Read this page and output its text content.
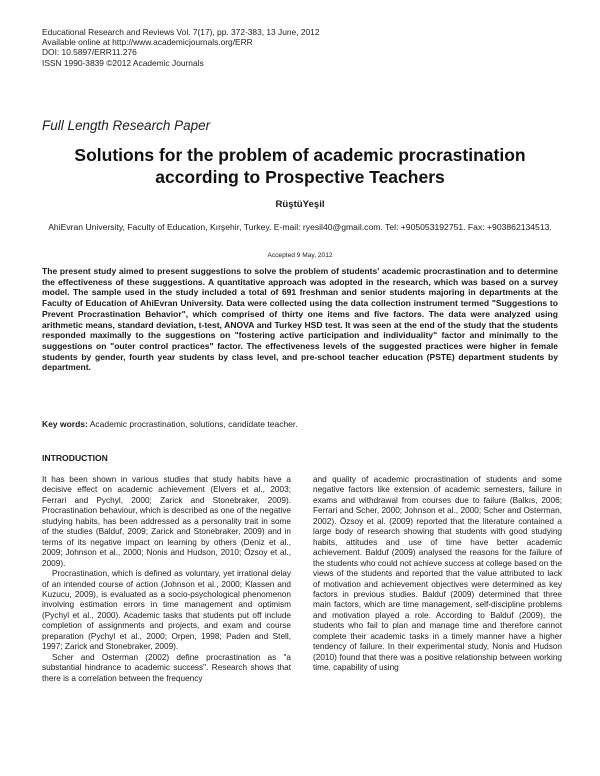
Educational Research and Reviews Vol. 7(17), pp. 372-383, 13 June, 2012
Available online at http://www.academicjournals.org/ERR
DOI: 10.5897/ERR11.276
ISSN 1990-3839 ©2012 Academic Journals
Full Length Research Paper
Solutions for the problem of academic procrastination according to Prospective Teachers
RüştüYeşil
AhiEvran University, Faculty of Education, Kırşehir, Turkey. E-mail: ryesil40@gmail.com. Tel: +905053192751. Fax: +903862134513.
Accepted 9 May, 2012
The present study aimed to present suggestions to solve the problem of students' academic procrastination and to determine the effectiveness of these suggestions. A quantitative approach was adopted in the research, which was based on a survey model. The sample used in the study included a total of 691 freshman and senior students majoring in departments at the Faculty of Education of AhiEvran University. Data were collected using the data collection instrument termed "Suggestions to Prevent Procrastination Behavior", which comprised of thirty one items and five factors. The data were analyzed using arithmetic means, standard deviation, t-test, ANOVA and Turkey HSD test. It was seen at the end of the study that the students responded maximally to the suggestions on "fostering active participation and individuality" factor and minimally to the suggestions on "outer control practices" factor. The effectiveness levels of the suggested practices were higher in female students by gender, fourth year students by class level, and pre-school teacher education (PSTE) department students by department.
Key words: Academic procrastination, solutions, candidate teacher.
INTRODUCTION

It has been shown in various studies that study habits have a decisive effect on academic achievement (Elvers et al., 2003; Ferrari and Pychyl, 2000; Zarick and Stonebraker, 2009). Procrastination behaviour, which is described as one of the negative studying habits, has been addressed as a personality trait in some of the studies (Balduf, 2009; Zarick and Stonebraker, 2009) and in terms of its negative impact on learning by others (Deniz et al., 2009; Johnson et al., 2000; Nonis and Hudson, 2010; Özsoy et al., 2009).

Procrastination, which is defined as voluntary, yet irrational delay of an intended course of action (Johnson et al., 2000; Klassen and Kuzucu, 2009), is evaluated as a socio-psychological phenomenon involving estimation errors in time management and optimism (Pychyl et al., 2000). Academic tasks that students put off include completion of assignments and projects, and exam and course preparation (Pychyl et al., 2000; Orpen, 1998; Paden and Stell, 1997; Zarick and Stonebraker, 2009).

Scher and Osterman (2002) define procrastination as "a substantial hindrance to academic success". Research shows that there is a correlation between the frequency

and quality of academic procrastination of students and some negative factors like extension of academic semesters, failure in exams and withdrawal from courses due to failure (Balkıs, 2006; Ferrari and Scher, 2000; Johnson et al., 2000; Scher and Osterman, 2002). Özsoy et al. (2009) reported that the literature contained a large body of research showing that students with good studying habits, attitudes and use of time have better academic achievement. Balduf (2009) analysed the reasons for the failure of the students who could not achieve success at college based on the views of the students and reported that the value attributed to lack of motivation and achievement objectives were determined as key factors in previous studies. Balduf (2009) determined that three main factors, which are time management, self-discipline problems and motivation played a role. According to Balduf (2009), the students who fail to plan and manage time and therefore cannot complete their academic tasks in a timely manner have a higher tendency of failure. In their experimental study, Nonis and Hudson (2010) found that there was a positive relationship between working time, capability of using
